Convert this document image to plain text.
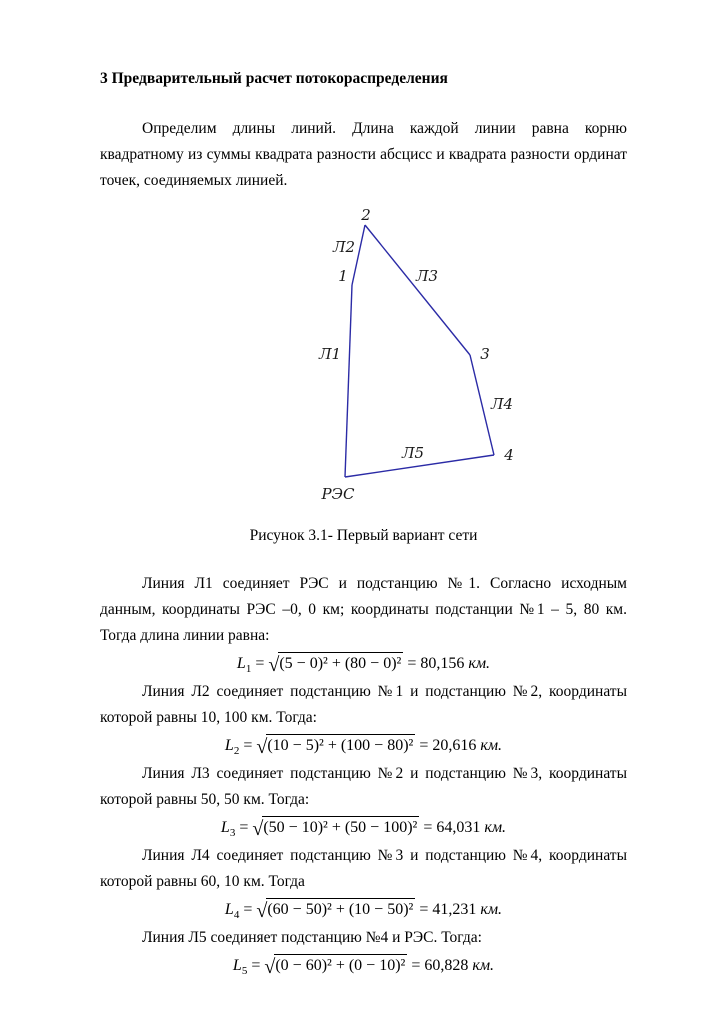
3 Предварительный расчет потокораспределения

Определим длины линий. Длина каждой линии равна корню квадратному из суммы квадрата разности абсцисс и квадрата разности ординат точек, соединяемых линией.

2
Л2
1	Л3
Л1	3
Л4
Л5	4
РЭС
Рисунок 3.1- Первый вариант сети

Линия Л1 соединяет РЭС и подстанцию №1. Согласно исходным данным, координаты РЭС –0, 0 км; координаты подстанции №1 – 5, 80 км. Тогда длина линии равна:

$L_1 = √(5 - 0)^2 + (80 - 0)^2 = 80,156$ км.

Линия Л2 соединяет подстанцию №1 и подстанцию №2, координаты которой равны 10, 100 км. Тогда:

$L_2 = √(10 - 5)^2 + (100 - 80)^2 = 20,616$ км.

Линия Л3 соединяет подстанцию №2 и подстанцию №3, координаты которой равны 50, 50 км. Тогда:

$L_3 = √(50 - 10)^2 + (50 - 100)^2 = 64,031$ км.

Линия Л4 соединяет подстанцию №3 и подстанцию №4, координаты которой равны 60, 10 км. Тогда

$L_4 = √(60 - 50)^2 + (10 - 50)^2 = 41,231$ км.

Линия Л5 соединяет подстанцию №4 и РЭС. Тогда:

$L_5 = √(0 - 60)^2 + (0 - 10)^2 = 60,828$ км.
